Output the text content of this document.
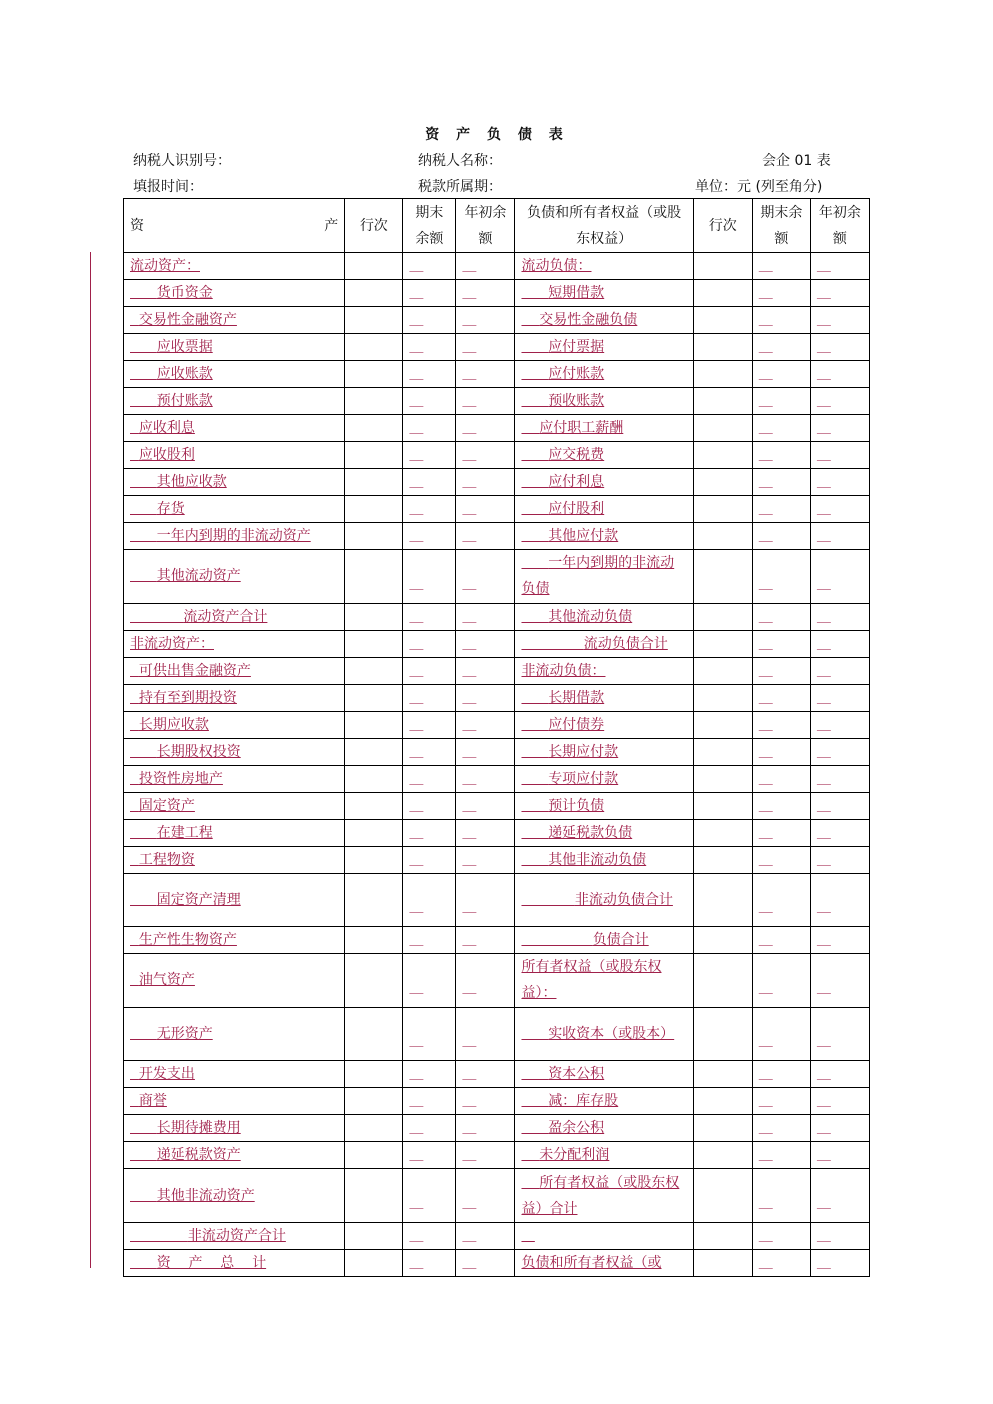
资 产 负 债 表
纳税人识别号：	纳税人名称：	会企 01 表
填报时间：	税款所属期：	单位：元 (列至角分)
资 产	行次	期末余额	年初余额	负债和所有者权益（或股东权益）	行次	期末余额	年初余额
流动资产：		＿	＿	流动负债：		＿	＿
货币资金		＿	＿	短期借款		＿	＿
交易性金融资产		＿	＿	交易性金融负债		＿	＿
应收票据		＿	＿	应付票据		＿	＿
应收账款		＿	＿	应付账款		＿	＿
预付账款		＿	＿	预收账款		＿	＿
应收利息		＿	＿	应付职工薪酬		＿	＿
应收股利		＿	＿	应交税费		＿	＿
其他应收款		＿	＿	应付利息		＿	＿
存货		＿	＿	应付股利		＿	＿
一年内到期的非流动资产		＿	＿	其他应付款		＿	＿
其他流动资产		＿	＿	一年内到期的非流动负债		＿	＿
流动资产合计		＿	＿	其他流动负债		＿	＿
非流动资产：		＿	＿	流动负债合计		＿	＿
可供出售金融资产		＿	＿	非流动负债：		＿	＿
持有至到期投资		＿	＿	长期借款		＿	＿
长期应收款		＿	＿	应付债券		＿	＿
长期股权投资		＿	＿	长期应付款		＿	＿
投资性房地产		＿	＿	专项应付款		＿	＿
固定资产		＿	＿	预计负债		＿	＿
在建工程		＿	＿	递延税款负债		＿	＿
工程物资		＿	＿	其他非流动负债		＿	＿
固定资产清理		＿	＿	非流动负债合计		＿	＿
生产性生物资产		＿	＿	负债合计		＿	＿
油气资产		＿	＿	所有者权益（或股东权益）：		＿	＿
无形资产		＿	＿	实收资本（或股本）		＿	＿
开发支出		＿	＿	资本公积		＿	＿
商誉		＿	＿	减：库存股		＿	＿
长期待摊费用		＿	＿	盈余公积		＿	＿
递延税款资产		＿	＿	未分配利润		＿	＿
其他非流动资产		＿	＿	所有者权益（或股东权益）合计		＿	＿
非流动资产合计		＿	＿			＿	＿
资    产    总    计		＿	＿	负债和所有者权益（或		＿	＿
